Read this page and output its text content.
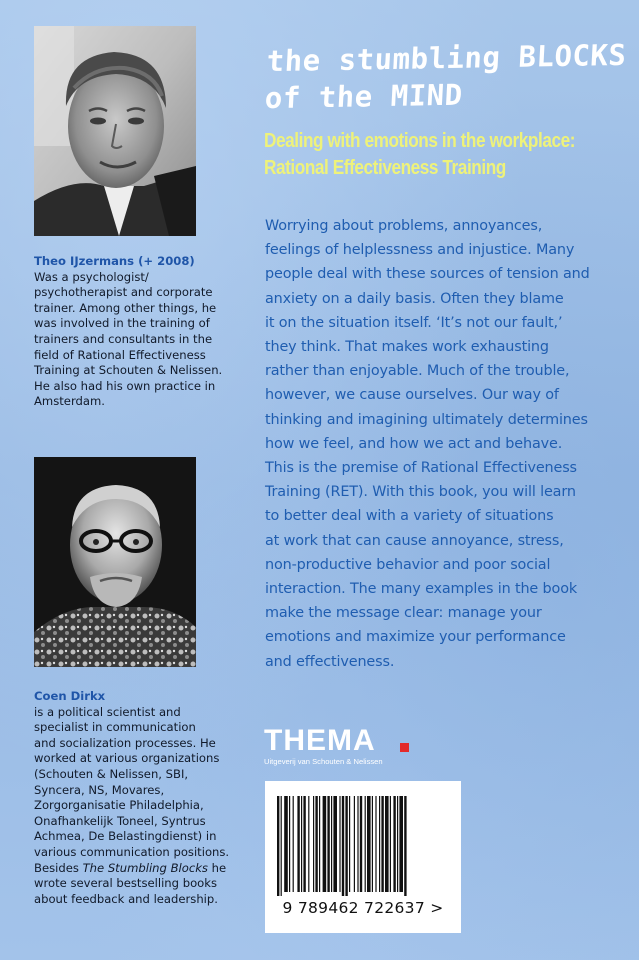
Theo IJzermans (+ 2008)
Was a psychologist/
psychotherapist and corporate
trainer. Among other things, he
was involved in the training of
trainers and consultants in the
field of Rational Effectiveness
Training at Schouten & Nelissen.
He also had his own practice in
Amsterdam.
Coen Dirkx
is a political scientist and
specialist in communication
and socialization processes. He
worked at various organizations
(Schouten & Nelissen, SBI,
Syncera, NS, Movares,
Zorgorganisatie Philadelphia,
Onafhankelijk Toneel, Syntrus
Achmea, De Belastingdienst) in
various communication positions.
Besides The Stumbling Blocks he
wrote several bestselling books
about feedback and leadership.
the stumbling BLOCKS
of the MIND
Dealing with emotions in the workplace:
Rational Effectiveness Training
Worrying about problems, annoyances,
feelings of helplessness and injustice. Many
people deal with these sources of tension and
anxiety on a daily basis. Often they blame
it on the situation itself. ‘It’s not our fault,’
they think. That makes work exhausting
rather than enjoyable. Much of the trouble,
however, we cause ourselves. Our way of
thinking and imagining ultimately determines
how we feel, and how we act and behave.
This is the premise of Rational Effectiveness
Training (RET). With this book, you will learn
to better deal with a variety of situations
at work that can cause annoyance, stress,
non-productive behavior and poor social
interaction. The many examples in the book
make the message clear: manage your
emotions and maximize your performance
and effectiveness.
THEMA
Uitgeverij van Schouten & Nelissen
9 789462 722637 >
